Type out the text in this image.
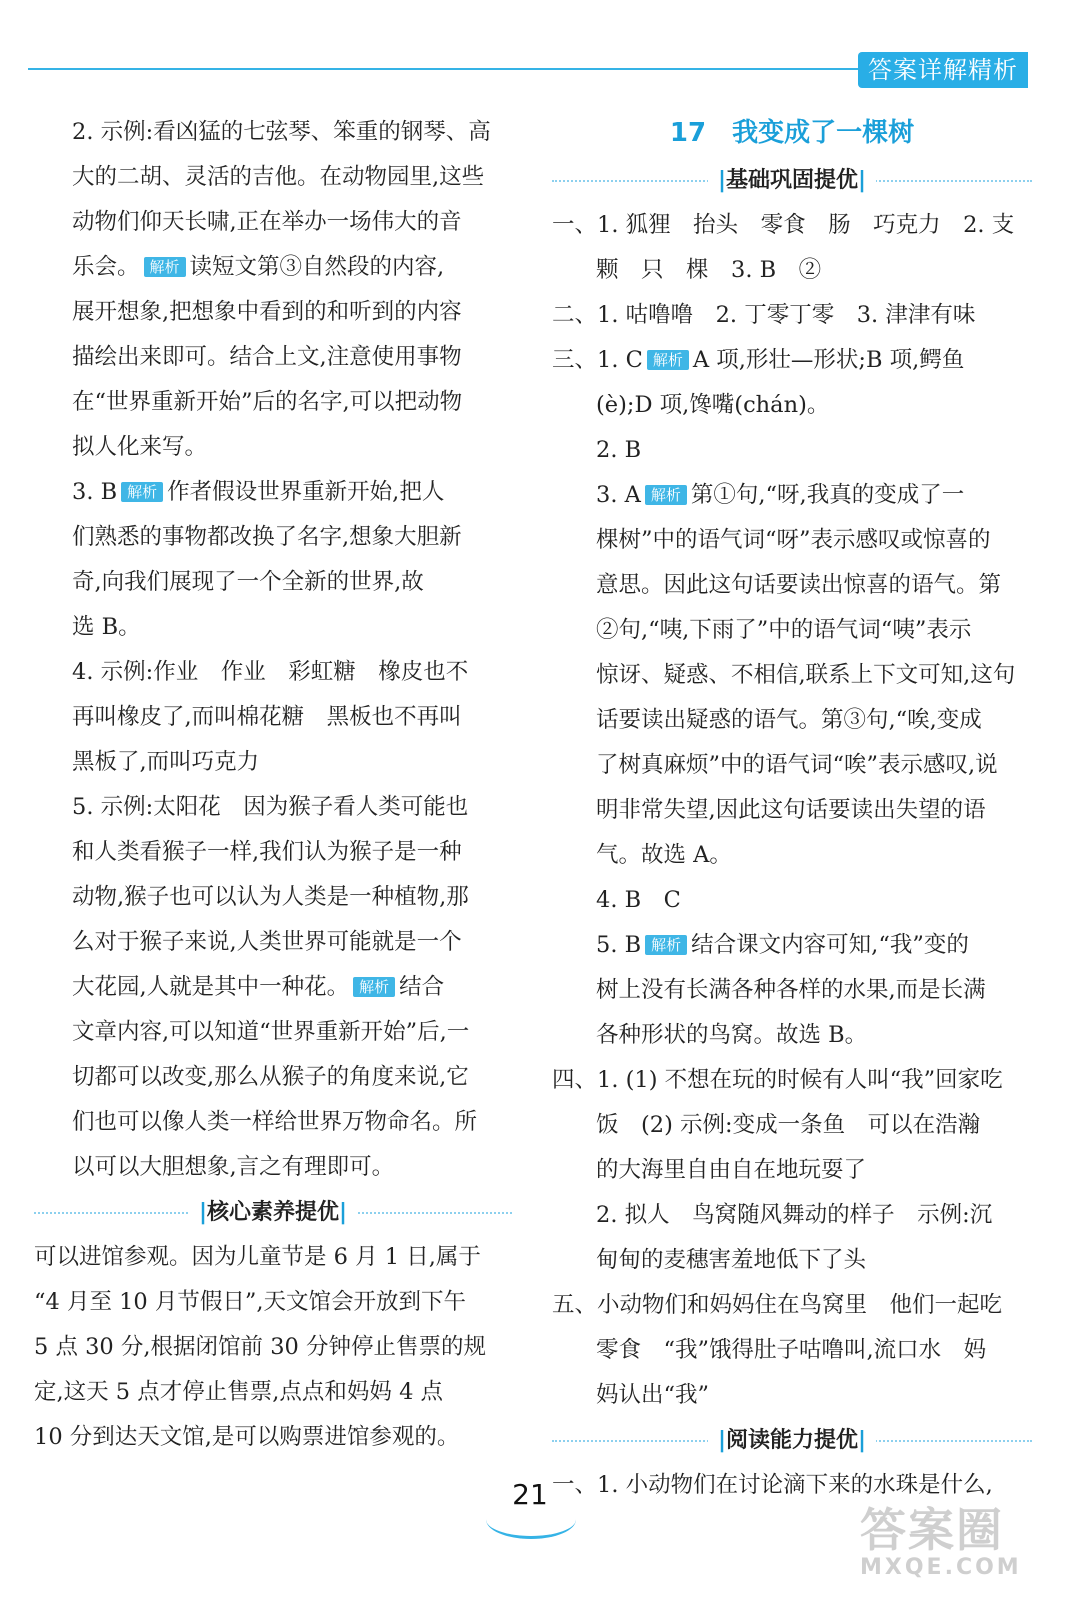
答案详解精析
2. 示例:看凶猛的七弦琴、笨重的钢琴、高
大的二胡、灵活的吉他。在动物园里,这些
动物们仰天长啸,正在举办一场伟大的音
乐会。 解析 读短文第③自然段的内容,
展开想象,把想象中看到的和听到的内容
描绘出来即可。结合上文,注意使用事物
在“世界重新开始”后的名字,可以把动物
拟人化来写。
3. B 解析 作者假设世界重新开始,把人
们熟悉的事物都改换了名字,想象大胆新
奇,向我们展现了一个全新的世界,故
选 B。
4. 示例:作业　作业　彩虹糖　橡皮也不
再叫橡皮了,而叫棉花糖　黑板也不再叫
黑板了,而叫巧克力
5. 示例:太阳花　因为猴子看人类可能也
和人类看猴子一样,我们认为猴子是一种
动物,猴子也可以认为人类是一种植物,那
么对于猴子来说,人类世界可能就是一个
大花园,人就是其中一种花。 解析 结合
文章内容,可以知道“世界重新开始”后,一
切都可以改变,那么从猴子的角度来说,它
们也可以像人类一样给世界万物命名。所
以可以大胆想象,言之有理即可。
|核心素养提优|
可以进馆参观。因为儿童节是 6 月 1 日,属于
“4 月至 10 月节假日”,天文馆会开放到下午
5 点 30 分,根据闭馆前 30 分钟停止售票的规
定,这天 5 点才停止售票,点点和妈妈 4 点
10 分到达天文馆,是可以购票进馆参观的。
17 我变成了一棵树
|基础巩固提优|
一、1. 狐狸　抬头　零食　肠　巧克力　2. 支
颗　只　棵　3. B　②
二、1. 咕噜噜　2. 丁零丁零　3. 津津有味
三、1. C 解析 A 项,形壮—形状;B 项,鳄鱼
(è);D 项,馋嘴(chán)。
2. B
3. A 解析 第①句,“呀,我真的变成了一
棵树”中的语气词“呀”表示感叹或惊喜的
意思。因此这句话要读出惊喜的语气。第
②句,“咦,下雨了”中的语气词“咦”表示
惊讶、疑惑、不相信,联系上下文可知,这句
话要读出疑惑的语气。第③句,“唉,变成
了树真麻烦”中的语气词“唉”表示感叹,说
明非常失望,因此这句话要读出失望的语
气。故选 A。
4. B　C
5. B 解析 结合课文内容可知,“我”变的
树上没有长满各种各样的水果,而是长满
各种形状的鸟窝。故选 B。
四、1. (1) 不想在玩的时候有人叫“我”回家吃
饭　(2) 示例:变成一条鱼　可以在浩瀚
的大海里自由自在地玩耍了
2. 拟人　鸟窝随风舞动的样子　示例:沉
甸甸的麦穗害羞地低下了头
五、小动物们和妈妈住在鸟窝里　他们一起吃
零食　“我”饿得肚子咕噜叫,流口水　妈
妈认出“我”
|阅读能力提优|
一、1. 小动物们在讨论滴下来的水珠是什么,
21
答案圈
MXQE.COM
